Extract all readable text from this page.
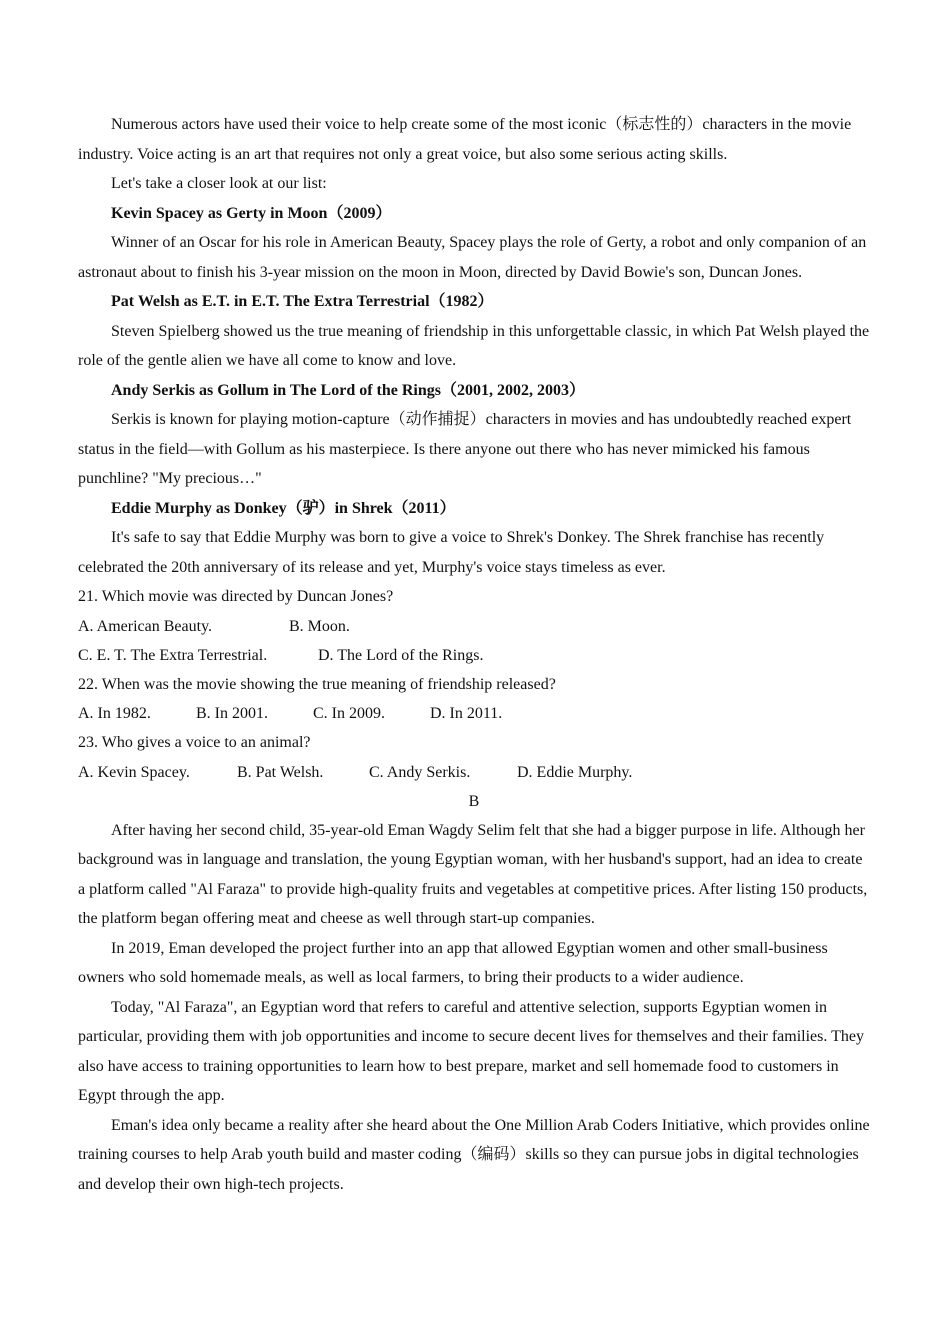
Numerous actors have used their voice to help create some of the most iconic（标志性的）characters in the movie industry. Voice acting is an art that requires not only a great voice, but also some serious acting skills.

Let's take a closer look at our list:

Kevin Spacey as Gerty in Moon（2009）

Winner of an Oscar for his role in American Beauty, Spacey plays the role of Gerty, a robot and only companion of an astronaut about to finish his 3-year mission on the moon in Moon, directed by David Bowie's son, Duncan Jones.

Pat Welsh as E.T. in E.T. The Extra Terrestrial（1982）

Steven Spielberg showed us the true meaning of friendship in this unforgettable classic, in which Pat Welsh played the role of the gentle alien we have all come to know and love.

Andy Serkis as Gollum in The Lord of the Rings（2001, 2002, 2003）

Serkis is known for playing motion-capture（动作捕捉）characters in movies and has undoubtedly reached expert status in the field—with Gollum as his masterpiece. Is there anyone out there who has never mimicked his famous punchline? "My precious…"

Eddie Murphy as Donkey（驴）in Shrek（2011）

It's safe to say that Eddie Murphy was born to give a voice to Shrek's Donkey. The Shrek franchise has recently celebrated the 20th anniversary of its release and yet, Murphy's voice stays timeless as ever.

21. Which movie was directed by Duncan Jones?

A. American Beauty.	B. Moon.
C. E. T. The Extra Terrestrial.	D. The Lord of the Rings.

22. When was the movie showing the true meaning of friendship released?

A. In 1982.	B. In 2001.	C. In 2009.	D. In 2011.

23. Who gives a voice to an animal?

A. Kevin Spacey.	B. Pat Welsh.	C. Andy Serkis.	D. Eddie Murphy.

B

After having her second child, 35-year-old Eman Wagdy Selim felt that she had a bigger purpose in life. Although her background was in language and translation, the young Egyptian woman, with her husband's support, had an idea to create a platform called "Al Faraza" to provide high-quality fruits and vegetables at competitive prices. After listing 150 products, the platform began offering meat and cheese as well through start-up companies.

In 2019, Eman developed the project further into an app that allowed Egyptian women and other small-business owners who sold homemade meals, as well as local farmers, to bring their products to a wider audience.

Today, "Al Faraza", an Egyptian word that refers to careful and attentive selection, supports Egyptian women in particular, providing them with job opportunities and income to secure decent lives for themselves and their families. They also have access to training opportunities to learn how to best prepare, market and sell homemade food to customers in Egypt through the app.

Eman's idea only became a reality after she heard about the One Million Arab Coders Initiative, which provides online training courses to help Arab youth build and master coding（编码）skills so they can pursue jobs in digital technologies and develop their own high-tech projects.
